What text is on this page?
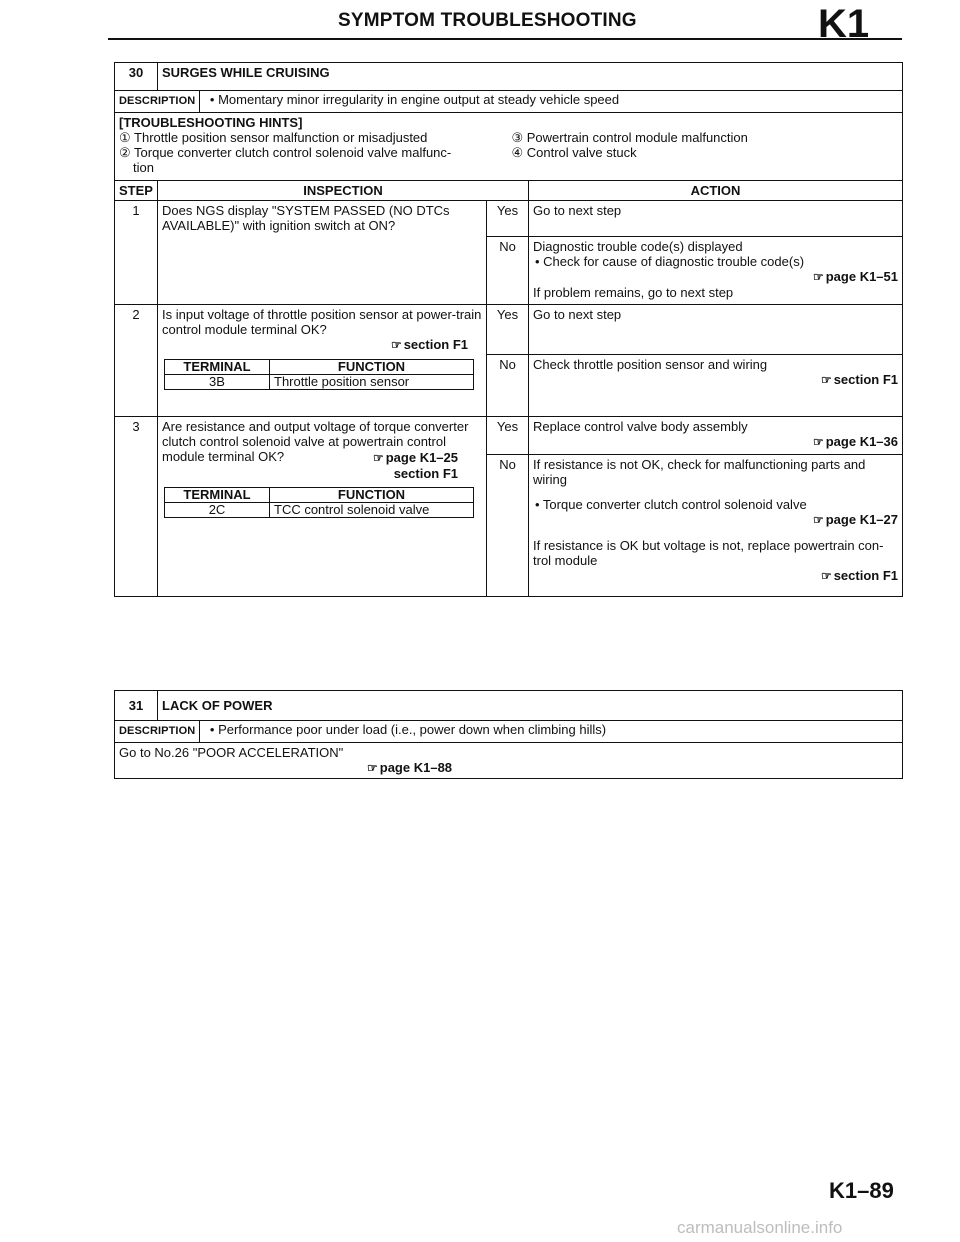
SYMPTOM TROUBLESHOOTING	K1
30	SURGES WHILE CRUISING
DESCRIPTION • Momentary minor irregularity in engine output at steady vehicle speed

[TROUBLESHOOTING HINTS]
① Throttle position sensor malfunction or misadjusted
② Torque converter clutch control solenoid valve malfunc-
tion
③ Powertrain control module malfunction
④ Control valve stuck

STEP	INSPECTION	ACTION
1	Does NGS display "SYSTEM PASSED (NO DTCs AVAILABLE)" with ignition switch at ON?	Yes	Go to next step
No	Diagnostic trouble code(s) displayed
• Check for cause of diagnostic trouble code(s)
☞ page K1–51
If problem remains, go to next step

2	Is input voltage of throttle position sensor at power-train control module terminal OK?
☞ section F1
TERMINAL	FUNCTION
3B	Throttle position sensor
	Yes	Go to next step
No	Check throttle position sensor and wiring
☞ section F1

3	Are resistance and output voltage of torque converter clutch control solenoid valve at powertrain control module terminal OK?	☞ page K1–25
section F1
TERMINAL	FUNCTION
2C	TCC control solenoid valve
	Yes	Replace control valve body assembly
☞ page K1–36

No	If resistance is not OK, check for malfunctioning parts and wiring
• Torque converter clutch control solenoid valve
☞ page K1–27
If resistance is OK but voltage is not, replace powertrain con-trol module
☞ section F1
31	LACK OF POWER
DESCRIPTION • Performance poor under load (i.e., power down when climbing hills)

Go to No.26 "POOR ACCELERATION"
☞ page K1–88
K1–89
carmanualsonline.info
